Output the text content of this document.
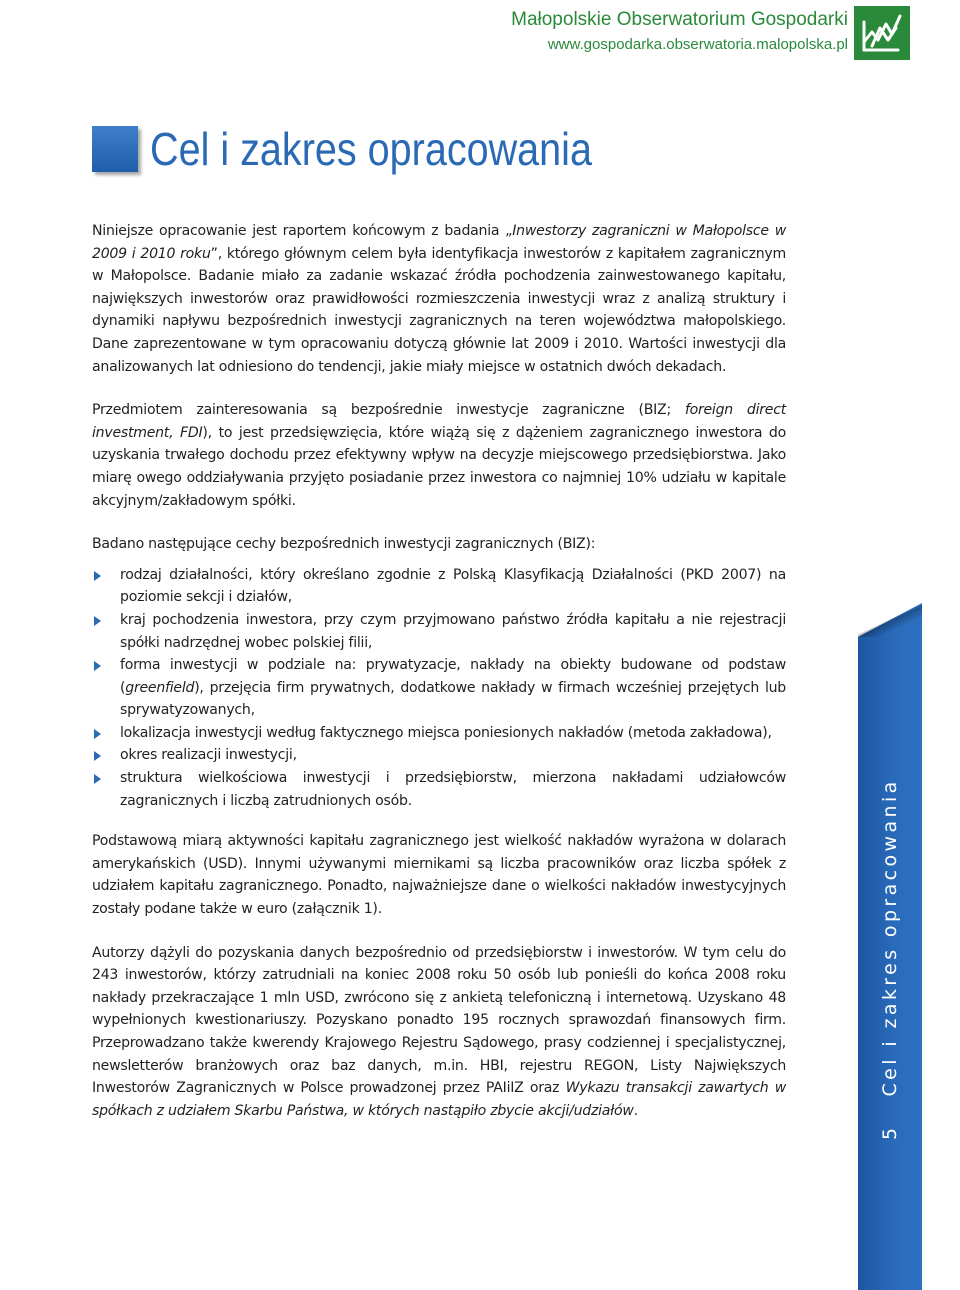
Małopolskie Obserwatorium Gospodarki
www.gospodarka.obserwatoria.malopolska.pl
Cel i zakres opracowania

Niniejsze opracowanie jest raportem końcowym z badania „Inwestorzy zagraniczni w Małopolsce w 2009 i 2010 roku”, którego głównym celem była identyfikacja inwestorów z kapitałem zagranicznym w Małopolsce. Badanie miało za zadanie wskazać źródła pochodzenia zainwestowanego kapitału, największych inwestorów oraz prawidłowości rozmieszczenia inwestycji wraz z analizą struktury i dynamiki napływu bezpośrednich inwestycji zagranicznych na teren województwa małopolskiego. Dane zaprezentowane w tym opracowaniu dotyczą głównie lat 2009 i 2010. Wartości inwestycji dla analizowanych lat odniesiono do tendencji, jakie miały miejsce w ostatnich dwóch dekadach.

Przedmiotem zainteresowania są bezpośrednie inwestycje zagraniczne (BIZ; foreign direct investment, FDI), to jest przedsięwzięcia, które wiążą się z dążeniem zagranicznego inwestora do uzyskania trwałego dochodu przez efektywny wpływ na decyzje miejscowego przedsiębiorstwa. Jako miarę owego oddziaływania przyjęto posiadanie przez inwestora co najmniej 10% udziału w kapitale akcyjnym/zakładowym spółki.

Badano następujące cechy bezpośrednich inwestycji zagranicznych (BIZ):

rodzaj działalności, który określano zgodnie z Polską Klasyfikacją Działalności (PKD 2007) na poziomie sekcji i działów,
kraj pochodzenia inwestora, przy czym przyjmowano państwo źródła kapitału a nie rejestracji spółki nadrzędnej wobec polskiej filii,
forma inwestycji w podziale na: prywatyzacje, nakłady na obiekty budowane od podstaw (greenfield), przejęcia firm prywatnych, dodatkowe nakłady w firmach wcześniej przejętych lub sprywatyzowanych,
lokalizacja inwestycji według faktycznego miejsca poniesionych nakładów (metoda zakładowa),
okres realizacji inwestycji,
struktura wielkościowa inwestycji i przedsiębiorstw, mierzona nakładami udziałowców zagranicznych i liczbą zatrudnionych osób.

Podstawową miarą aktywności kapitału zagranicznego jest wielkość nakładów wyrażona w dolarach amerykańskich (USD). Innymi używanymi miernikami są liczba pracowników oraz liczba spółek z udziałem kapitału zagranicznego. Ponadto, najważniejsze dane o wielkości nakładów inwestycyjnych zostały podane także w euro (załącznik 1).

Autorzy dążyli do pozyskania danych bezpośrednio od przedsiębiorstw i inwestorów. W tym celu do 243 inwestorów, którzy zatrudniali na koniec 2008 roku 50 osób lub ponieśli do końca 2008 roku nakłady przekraczające 1 mln USD, zwrócono się z ankietą telefoniczną i internetową. Uzyskano 48 wypełnionych kwestionariuszy. Pozyskano ponadto 195 rocznych sprawozdań finansowych firm. Przeprowadzano także kwerendy Krajowego Rejestru Sądowego, prasy codziennej i specjalistycznej, newsletterów branżowych oraz baz danych, m.in. HBI, rejestru REGON, Listy Największych Inwestorów Zagranicznych w Polsce prowadzonej przez PAIiIZ oraz Wykazu transakcji zawartych w spółkach z udziałem Skarbu Państwa, w których nastąpiło zbycie akcji/udziałów.

5Cel i zakres opracowania
